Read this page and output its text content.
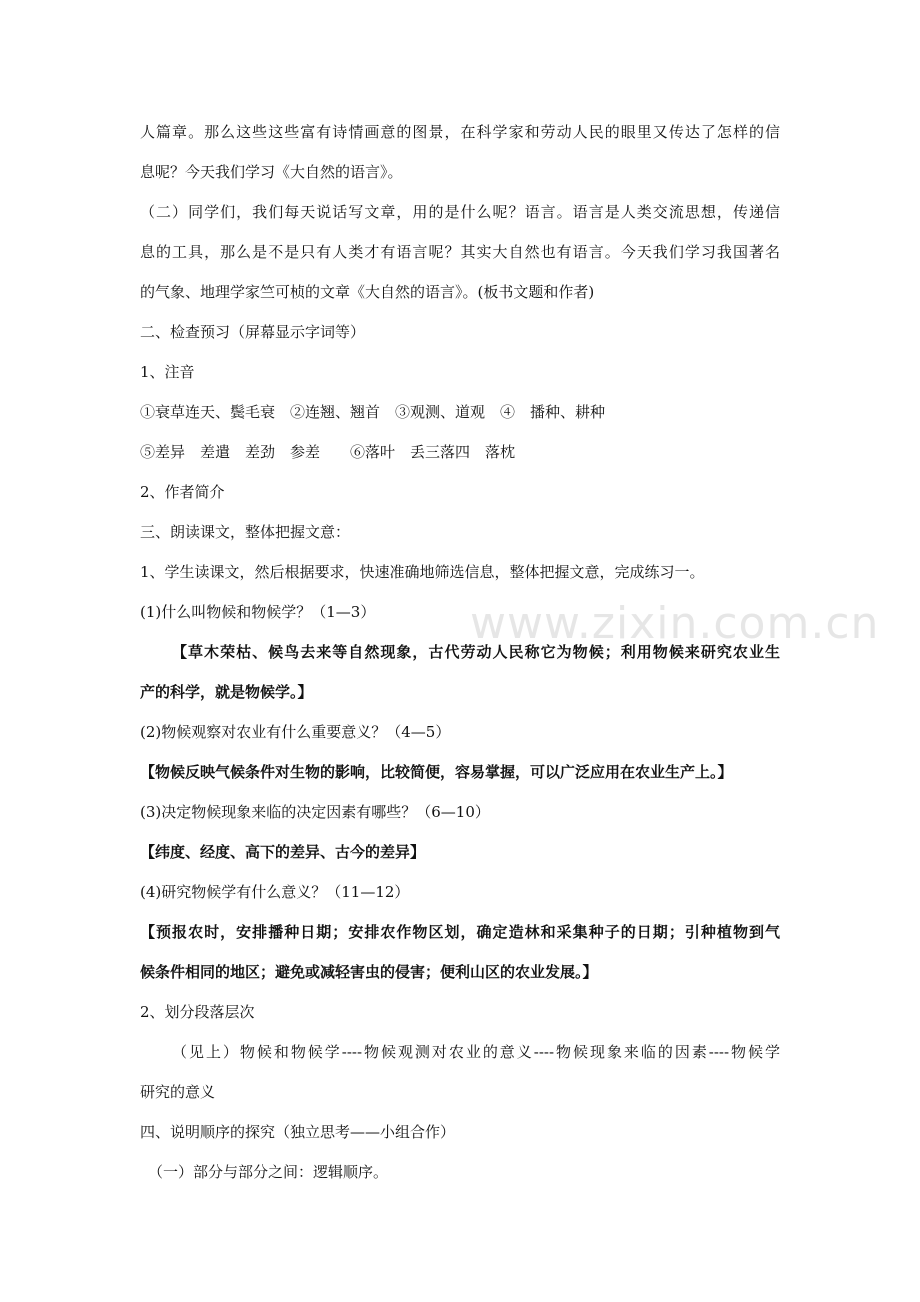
www.zixin.com.cn

人篇章。那么这些这些富有诗情画意的图景，在科学家和劳动人民的眼里又传达了怎样的信

息呢？今天我们学习《大自然的语言》。

（二）同学们，我们每天说话写文章，用的是什么呢？语言。语言是人类交流思想，传递信

息的工具，那么是不是只有人类才有语言呢？其实大自然也有语言。今天我们学习我国著名

的气象、地理学家竺可桢的文章《大自然的语言》。(板书文题和作者)

二、检查预习（屏幕显示字词等）

1、注音

①衰草连天、鬓毛衰　②连翘、翘首　③观测、道观　④　播种、耕种

⑤差异　差遣　差劲　参差　　⑥落叶　丢三落四　落枕

2、作者简介

三、朗读课文，整体把握文意：

1、学生读课文，然后根据要求，快速准确地筛选信息，整体把握文意，完成练习一。

(1)什么叫物候和物候学？（1—3）

【草木荣枯、候鸟去来等自然现象，古代劳动人民称它为物候；利用物候来研究农业生

产的科学，就是物候学。】

(2)物候观察对农业有什么重要意义？（4—5）

【物候反映气候条件对生物的影响，比较简便，容易掌握，可以广泛应用在农业生产上。】

(3)决定物候现象来临的决定因素有哪些？（6—10）

【纬度、经度、高下的差异、古今的差异】

(4)研究物候学有什么意义？（11—12）

【预报农时，安排播种日期；安排农作物区划，确定造林和采集种子的日期；引种植物到气

候条件相同的地区；避免或减轻害虫的侵害；便利山区的农业发展。】

2、划分段落层次

（见上）物候和物候学----物候观测对农业的意义----物候现象来临的因素----物候学

研究的意义

四、说明顺序的探究（独立思考——小组合作）

（一）部分与部分之间：逻辑顺序。
